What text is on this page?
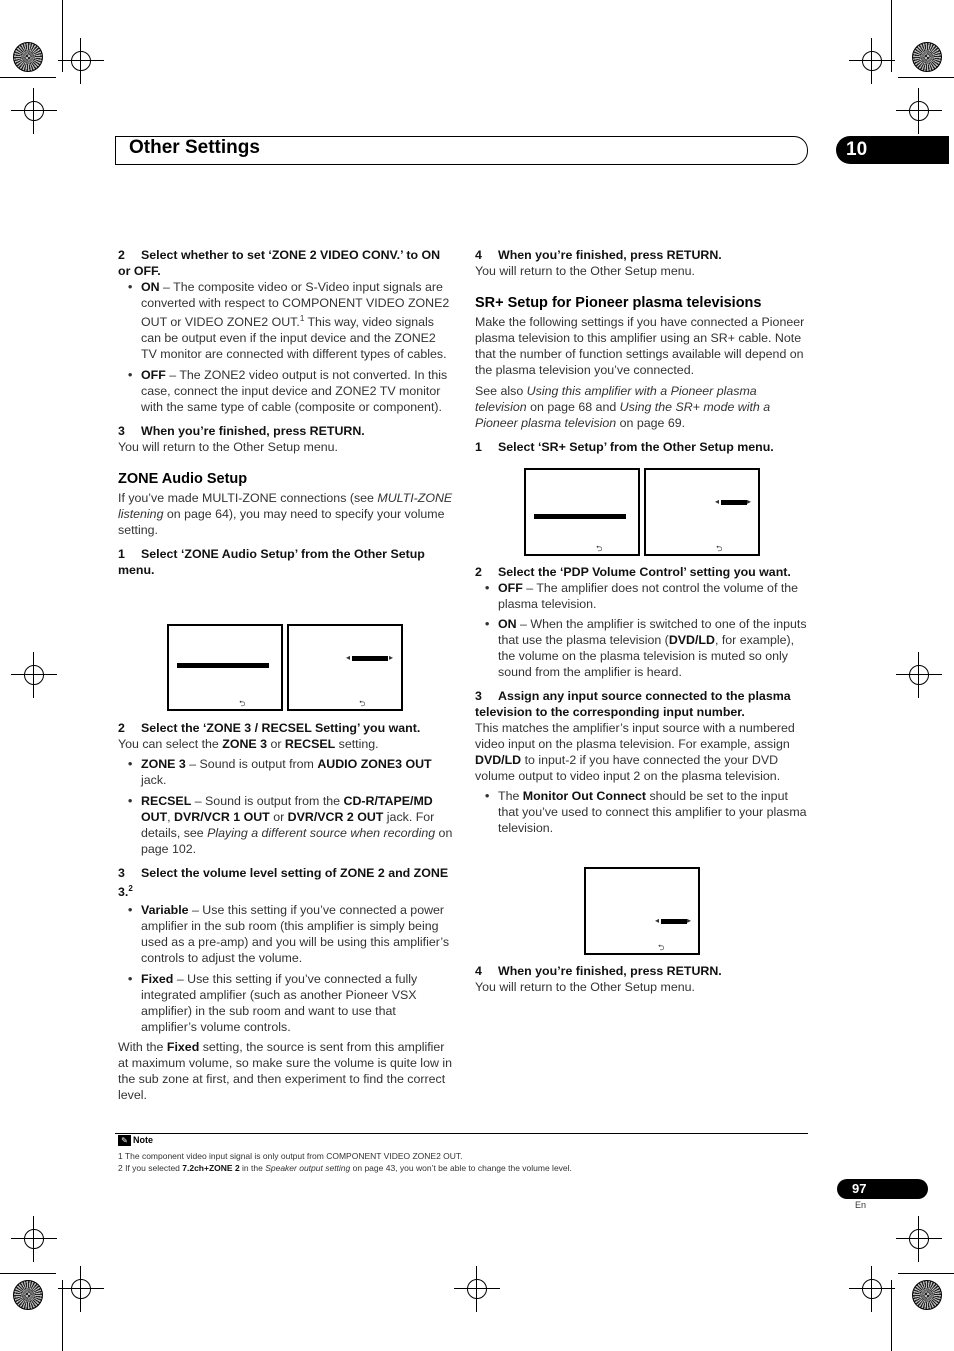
Other Settings	10

2 Select whether to set ‘ZONE 2 VIDEO CONV.’ to ON or OFF.

• ON – The composite video or S-Video input signals are converted with respect to COMPONENT VIDEO ZONE2 OUT or VIDEO ZONE2 OUT.$^1$ This way, video signals can be output even if the input device and the ZONE2 TV monitor are connected with different types of cables.

• OFF – The ZONE2 video output is not converted. In this case, connect the input device and ZONE2 TV monitor with the same type of cable (composite or component).

3 When you’re finished, press RETURN.

You will return to the Other Setup menu.

ZONE Audio Setup

If you’ve made MULTI-ZONE connections (see MULTI-ZONE listening on page 64), you may need to specify your volume setting.

1 Select ‘ZONE Audio Setup’ from the Other Setup menu.

⮌
◂	▸
⮌

2 Select the ‘ZONE 3 / RECSEL Setting’ you want.

You can select the ZONE 3 or RECSEL setting.

• ZONE 3 – Sound is output from AUDIO ZONE3 OUT jack.

• RECSEL – Sound is output from the CD-R/TAPE/MD OUT, DVR/VCR 1 OUT or DVR/VCR 2 OUT jack. For details, see Playing a different source when recording on page 102.

3 Select the volume level setting of ZONE 2 and ZONE 3.$^2$

• Variable – Use this setting if you’ve connected a power amplifier in the sub room (this amplifier is simply being used as a pre-amp) and you will be using this amplifier’s controls to adjust the volume.

• Fixed – Use this setting if you’ve connected a fully integrated amplifier (such as another Pioneer VSX amplifier) in the sub room and want to use that amplifier’s volume controls.

With the Fixed setting, the source is sent from this amplifier at maximum volume, so make sure the volume is quite low in the sub zone at first, and then experiment to find the correct level.

4 When you’re finished, press RETURN.

You will return to the Other Setup menu.

SR+ Setup for Pioneer plasma televisions

Make the following settings if you have connected a Pioneer plasma television to this amplifier using an SR+ cable. Note that the number of function settings available will depend on the plasma television you’ve connected.

See also Using this amplifier with a Pioneer plasma television on page 68 and Using the SR+ mode with a Pioneer plasma television on page 69.

1 Select ‘SR+ Setup’ from the Other Setup menu.

⮌
◂	▸
⮌

2 Select the ‘PDP Volume Control’ setting you want.

• OFF – The amplifier does not control the volume of the plasma television.

• ON – When the amplifier is switched to one of the inputs that use the plasma television (DVD/LD, for example), the volume on the plasma television is muted so only sound from the amplifier is heard.

3 Assign any input source connected to the plasma television to the corresponding input number.

This matches the amplifier’s input source with a numbered video input on the plasma television. For example, assign DVD/LD to input-2 if you have connected the your DVD volume output to video input 2 on the plasma television.

• The Monitor Out Connect should be set to the input that you’ve used to connect this amplifier to your plasma television.

◂	▸
⮌

4 When you’re finished, press RETURN.

You will return to the Other Setup menu.

✎ Note
1 The component video input signal is only output from COMPONENT VIDEO ZONE2 OUT.
2 If you selected 7.2ch+ZONE 2 in the Speaker output setting on page 43, you won’t be able to change the volume level.
97
En
